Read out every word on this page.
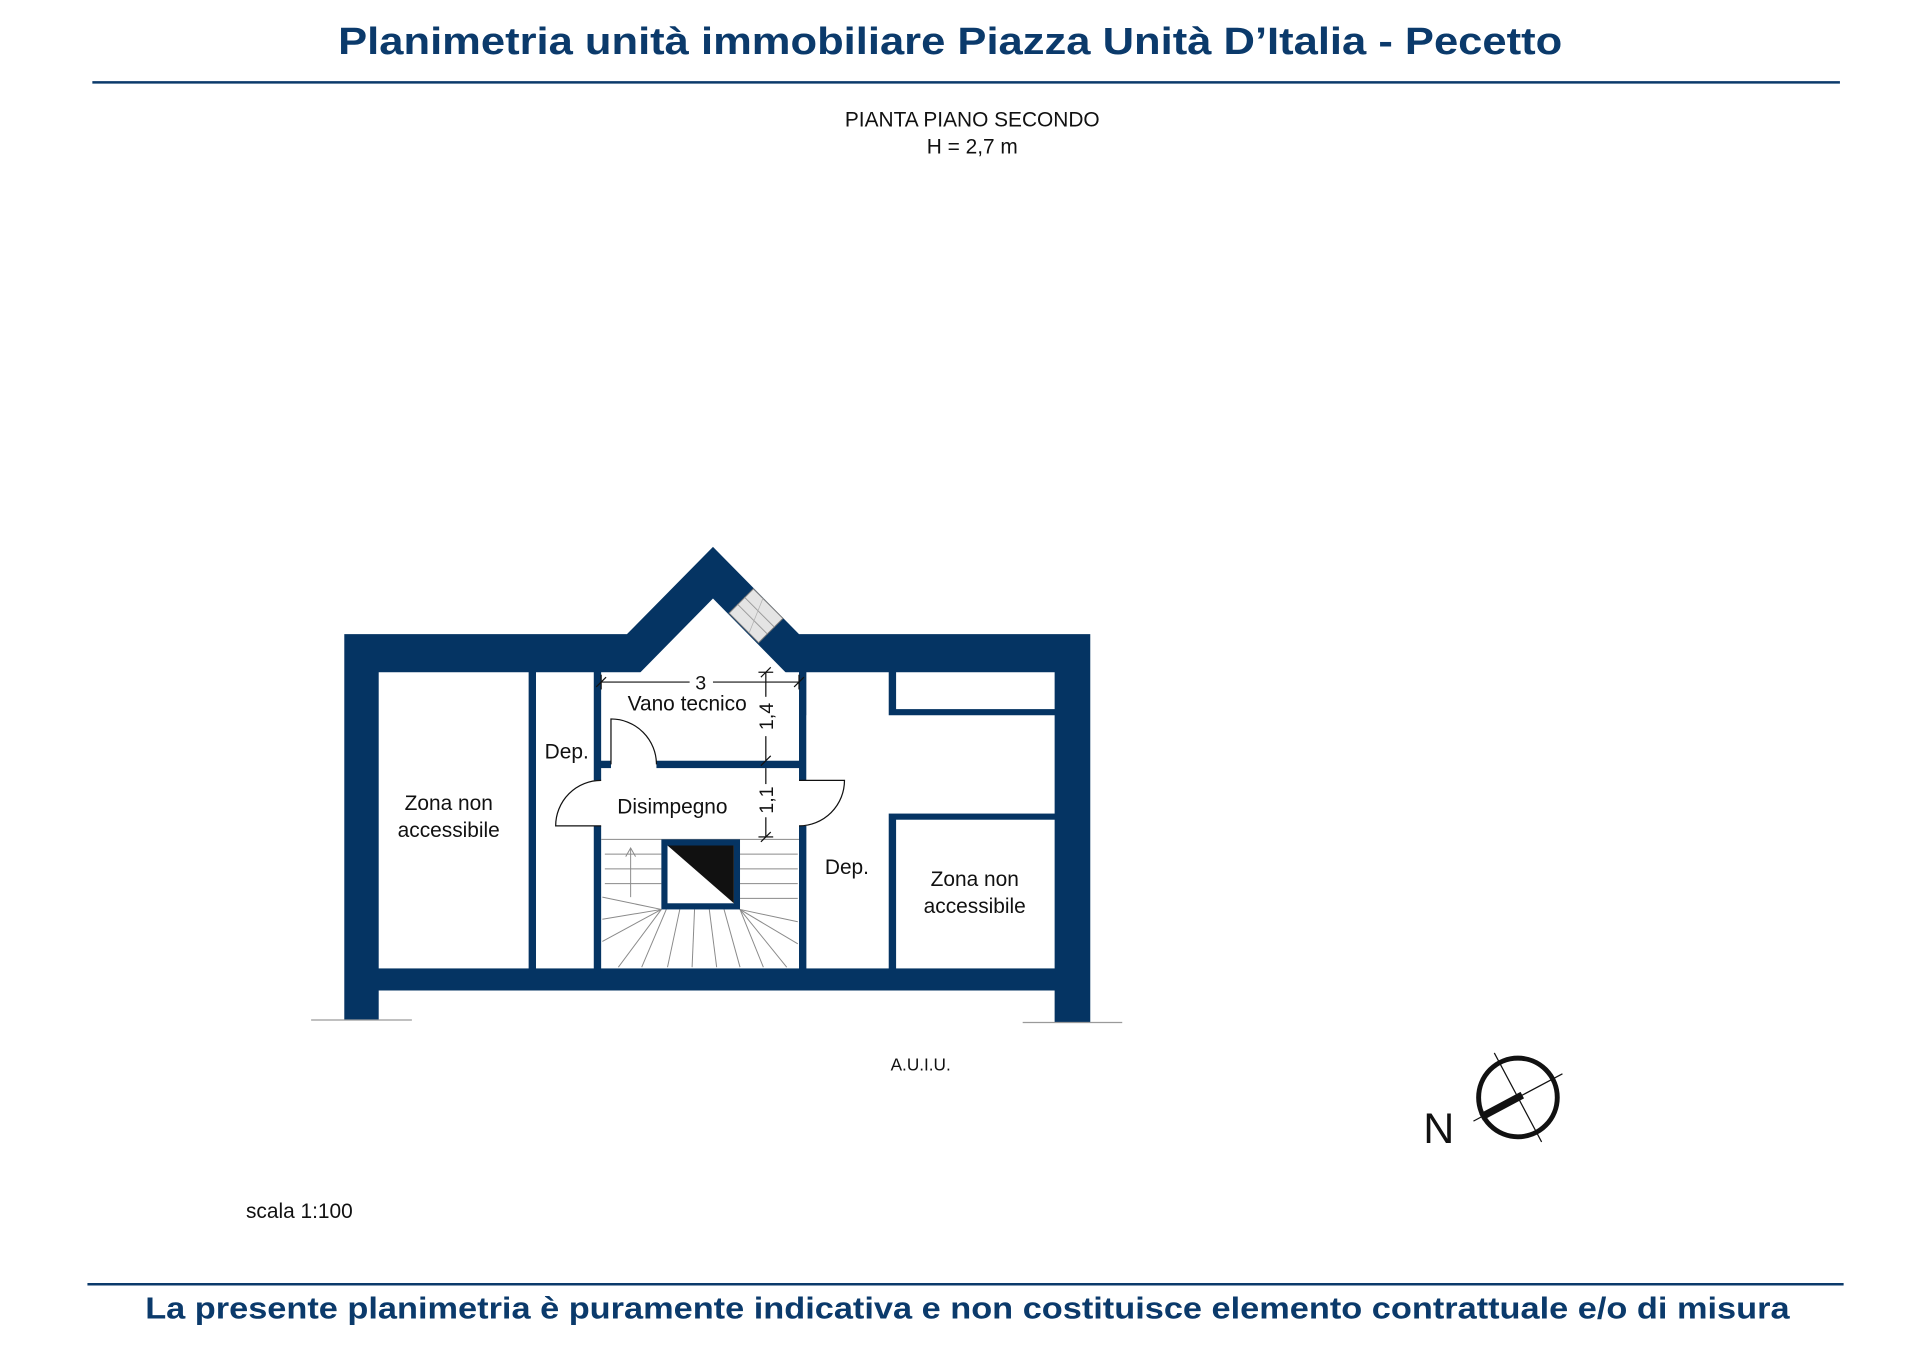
Planimetria unità immobiliare Piazza Unità D’Italia - Pecetto
PIANTA PIANO SECONDO
H = 2,7 m
3
1,4
1,1
Vano tecnico
Dep.
Disimpegno
Zona non
accessibile
Dep.
Zona non
accessibile
A.U.I.U.
N
scala 1:100
La presente planimetria è puramente indicativa e non costituisce elemento contrattuale e/o di misura
